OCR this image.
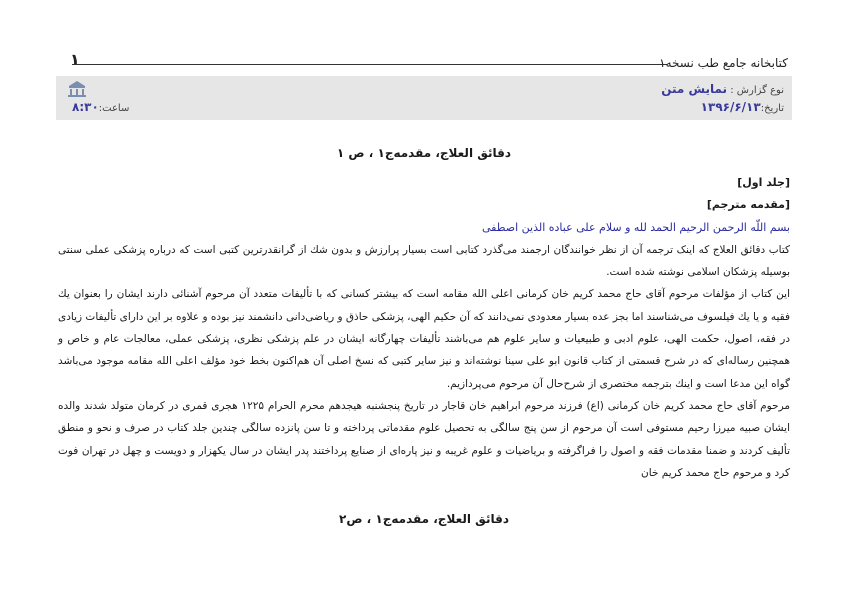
۱	کتابخانه جامع طب نسخه۱
نوع گزارش : نمایش متن
تاریخ:۱۳۹۶/۶/۱۳
ساعت:۸:۳۰
دقائق العلاج، مقدمه‌ج۱ ، ص ۱

[جلد اول]

[مقدمه مترجم]

بسم اللّه الرحمن الرحیم الحمد لله و سلام علی عباده الذین اصطفی

کتاب دقائق العلاج که اینک ترجمه آن از نظر خوانندگان ارجمند می‌گذرد کتابی است بسیار پرارزش و بدون شك از گرانقدرترین کتبی است که درباره پزشکی عملی سنتی بوسیله پزشکان اسلامی نوشته شده است.

این کتاب از مؤلفات مرحوم آقای حاج محمد کریم خان کرمانی اعلی الله مقامه است که بیشتر کسانی که با تألیفات متعدد آن مرحوم آشنائی دارند ایشان را بعنوان یك فقیه و یا یك فیلسوف می‌شناسند اما بجز عده بسیار معدودی نمی‌دانند که آن حکیم الهی، پزشکی حاذق و ریاضی‌دانی دانشمند نیز بوده و علاوه بر این دارای تألیفات زیادی در فقه، اصول، حکمت الهی، علوم ادبی و طبیعیات و سایر علوم هم می‌باشند تألیفات چهارگانه ایشان در علم پزشکی نظری، پزشکی عملی، معالجات عام و خاص و همچنین رساله‌ای که در شرح قسمتی از کتاب قانون ابو علی سینا نوشته‌اند و نیز سایر کتبی که نسخ اصلی آن هم‌اکنون بخط خود مؤلف اعلی الله مقامه موجود می‌باشد گواه این مدعا است و اینك بترجمه مختصری از شرح‌حال آن مرحوم می‌پردازیم.

مرحوم آقای حاج محمد کریم خان کرمانی (اع) فرزند مرحوم ابراهیم خان قاجار در تاریخ پنجشنبه هیجدهم محرم الحرام ۱۲۲۵ هجری قمری در کرمان متولد شدند والده ایشان صبیه میرزا رحیم مستوفی است آن مرحوم از سن پنج سالگی به تحصیل علوم مقدماتی پرداخته و تا سن پانزده سالگی چندین جلد کتاب در صرف و نحو و منطق تألیف کردند و ضمنا مقدمات فقه و اصول را فراگرفته و بریاضیات و علوم غریبه و نیز پاره‌ای از صنایع پرداختند پدر ایشان در سال یکهزار و دویست و چهل در تهران فوت کرد و مرحوم حاج محمد کریم خان

دقائق العلاج، مقدمه‌ج۱ ، ص۲
